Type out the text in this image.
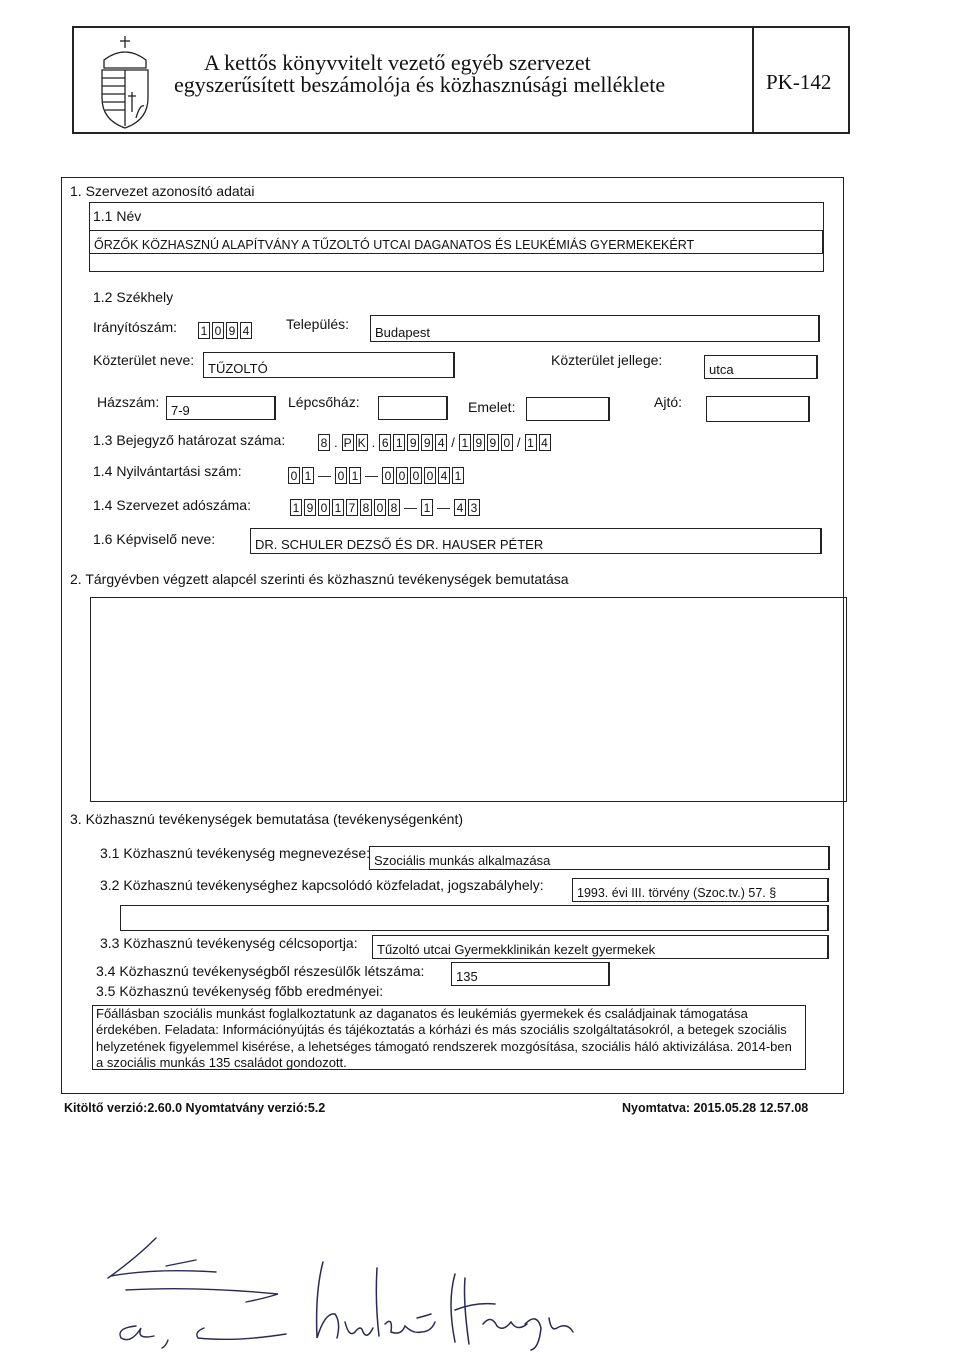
A kettős könyvvitelt vezető egyéb szervezet
egyszerűsített beszámolója és közhasznúsági melléklete	PK-142
1. Szervezet azonosító adatai
1.1 Név
ŐRZŐK KÖZHASZNÚ ALAPÍTVÁNY A TŰZOLTÓ UTCAI DAGANATOS ÉS LEUKÉMIÁS GYERMEKEKÉRT
1.2 Székhely
Irányítószám: 1 0 9 4	Település:
Budapest
Közterület neve:
TŰZOLTÓ
Közterület jellege:
utca
Házszám:
7-9
Lépcsőház:	Emelet:	Ajtó:
1.3 Bejegyző határozat száma:	8 . P K . 6 1 9 9 4 / 1 9 9 0 / 1 4
1.4 Nyilvántartási szám:	0 1 — 0 1 — 0 0 0 0 4 1
1.4 Szervezet adószáma:	1 9 0 1 7 8 0 8 — 1 — 4 3
1.6 Képviselő neve:	DR. SCHULER DEZSŐ ÉS DR. HAUSER PÉTER
2. Tárgyévben végzett alapcél szerinti és közhasznú tevékenységek bemutatása
3. Közhasznú tevékenységek bemutatása (tevékenységenként)
3.1 Közhasznú tevékenység megnevezése: Szociális munkás alkalmazása
3.2 Közhasznú tevékenységhez kapcsolódó közfeladat, jogszabályhely:	1993. évi III. törvény (Szoc.tv.) 57. §
3.3 Közhasznú tevékenység célcsoportja:	Tűzoltó utcai Gyermekklinikán kezelt gyermekek
3.4 Közhasznú tevékenységből részesülők létszáma:	135
3.5 Közhasznú tevékenység főbb eredményei:
Főállásban szociális munkást foglalkoztatunk az daganatos és leukémiás gyermekek és családjainak támogatása érdekében. Feladata: Információnyújtás és tájékoztatás a kórházi és más szociális szolgáltatásokról, a betegek szociális helyzetének figyelemmel kisérése, a lehetséges támogató rendszerek mozgósítása, szociális háló aktivizálása. 2014-ben a szociális munkás 135 családot gondozott.
Kitöltő verzió:2.60.0 Nyomtatvány verzió:5.2	Nyomtatva: 2015.05.28 12.57.08
